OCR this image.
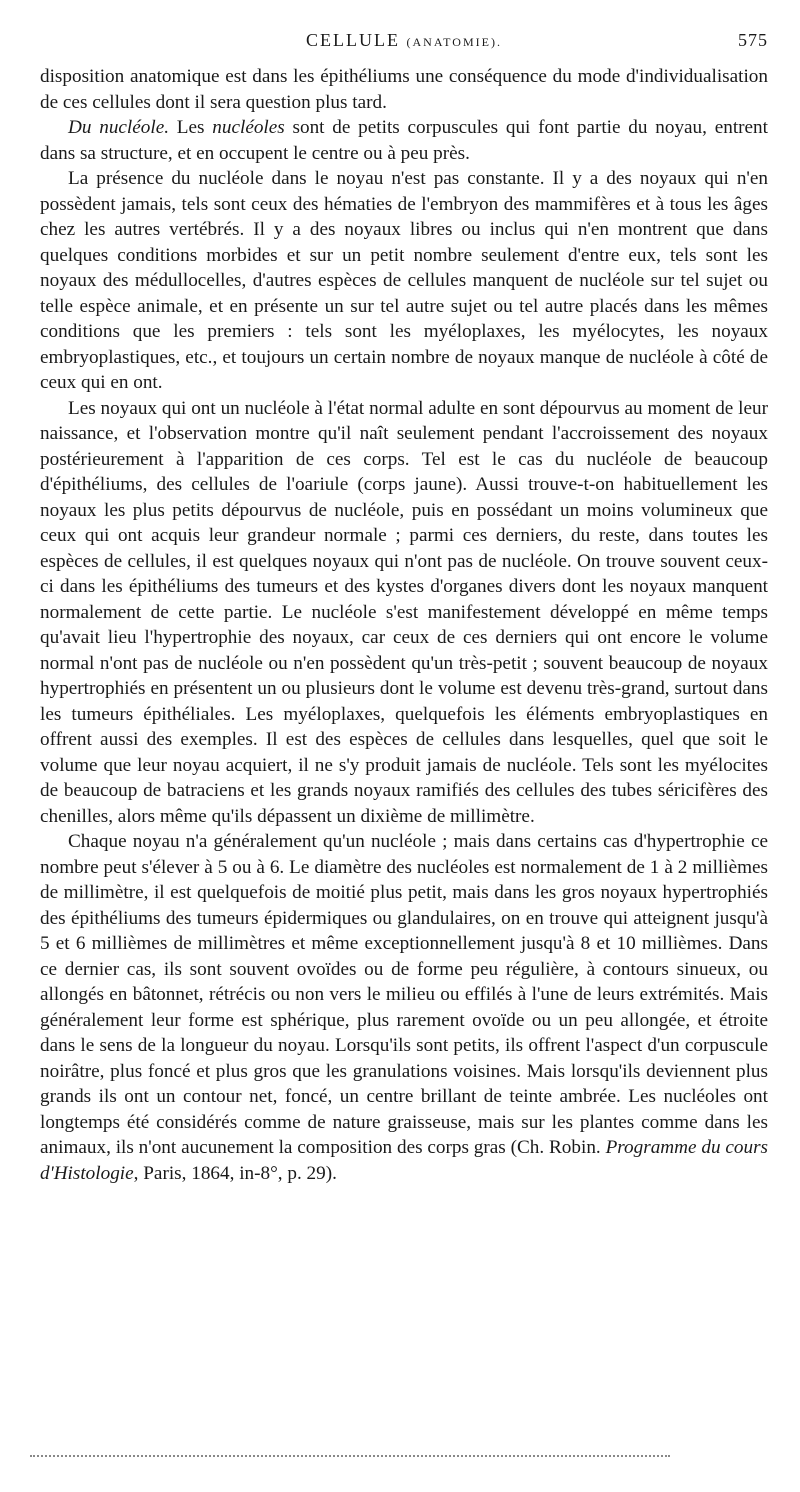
CELLULE (ANATOMIE).	575

disposition anatomique est dans les épithéliums une conséquence du mode d'individualisation de ces cellules dont il sera question plus tard.

Du nucléole. Les nucléoles sont de petits corpuscules qui font partie du noyau, entrent dans sa structure, et en occupent le centre ou à peu près.

La présence du nucléole dans le noyau n'est pas constante. Il y a des noyaux qui n'en possèdent jamais, tels sont ceux des hématies de l'embryon des mammifères et à tous les âges chez les autres vertébrés. Il y a des noyaux libres ou inclus qui n'en montrent que dans quelques conditions morbides et sur un petit nombre seulement d'entre eux, tels sont les noyaux des médullocelles, d'autres espèces de cellules manquent de nucléole sur tel sujet ou telle espèce animale, et en présente un sur tel autre sujet ou tel autre placés dans les mêmes conditions que les premiers : tels sont les myéloplaxes, les myélocytes, les noyaux embryoplastiques, etc., et toujours un certain nombre de noyaux manque de nucléole à côté de ceux qui en ont.

Les noyaux qui ont un nucléole à l'état normal adulte en sont dépourvus au moment de leur naissance, et l'observation montre qu'il naît seulement pendant l'accroissement des noyaux postérieurement à l'apparition de ces corps. Tel est le cas du nucléole de beaucoup d'épithéliums, des cellules de l'oariule (corps jaune). Aussi trouve-t-on habituellement les noyaux les plus petits dépourvus de nucléole, puis en possédant un moins volumineux que ceux qui ont acquis leur grandeur normale ; parmi ces derniers, du reste, dans toutes les espèces de cellules, il est quelques noyaux qui n'ont pas de nucléole. On trouve souvent ceux-ci dans les épithéliums des tumeurs et des kystes d'organes divers dont les noyaux manquent normalement de cette partie. Le nucléole s'est manifestement développé en même temps qu'avait lieu l'hypertrophie des noyaux, car ceux de ces derniers qui ont encore le volume normal n'ont pas de nucléole ou n'en possèdent qu'un très-petit ; souvent beaucoup de noyaux hypertrophiés en présentent un ou plusieurs dont le volume est devenu très-grand, surtout dans les tumeurs épithéliales. Les myéloplaxes, quelquefois les éléments embryoplastiques en offrent aussi des exemples. Il est des espèces de cellules dans lesquelles, quel que soit le volume que leur noyau acquiert, il ne s'y produit jamais de nucléole. Tels sont les myélocites de beaucoup de batraciens et les grands noyaux ramifiés des cellules des tubes séricifères des chenilles, alors même qu'ils dépassent un dixième de millimètre.

Chaque noyau n'a généralement qu'un nucléole ; mais dans certains cas d'hypertrophie ce nombre peut s'élever à 5 ou à 6. Le diamètre des nucléoles est normalement de 1 à 2 millièmes de millimètre, il est quelquefois de moitié plus petit, mais dans les gros noyaux hypertrophiés des épithéliums des tumeurs épidermiques ou glandulaires, on en trouve qui atteignent jusqu'à 5 et 6 millièmes de millimètres et même exceptionnellement jusqu'à 8 et 10 millièmes. Dans ce dernier cas, ils sont souvent ovoïdes ou de forme peu régulière, à contours sinueux, ou allongés en bâtonnet, rétrécis ou non vers le milieu ou effilés à l'une de leurs extrémités. Mais généralement leur forme est sphérique, plus rarement ovoïde ou un peu allongée, et étroite dans le sens de la longueur du noyau. Lorsqu'ils sont petits, ils offrent l'aspect d'un corpuscule noirâtre, plus foncé et plus gros que les granulations voisines. Mais lorsqu'ils deviennent plus grands ils ont un contour net, foncé, un centre brillant de teinte ambrée. Les nucléoles ont longtemps été considérés comme de nature graisseuse, mais sur les plantes comme dans les animaux, ils n'ont aucunement la composition des corps gras (Ch. Robin. Programme du cours d'Histologie, Paris, 1864, in-8°, p. 29).
